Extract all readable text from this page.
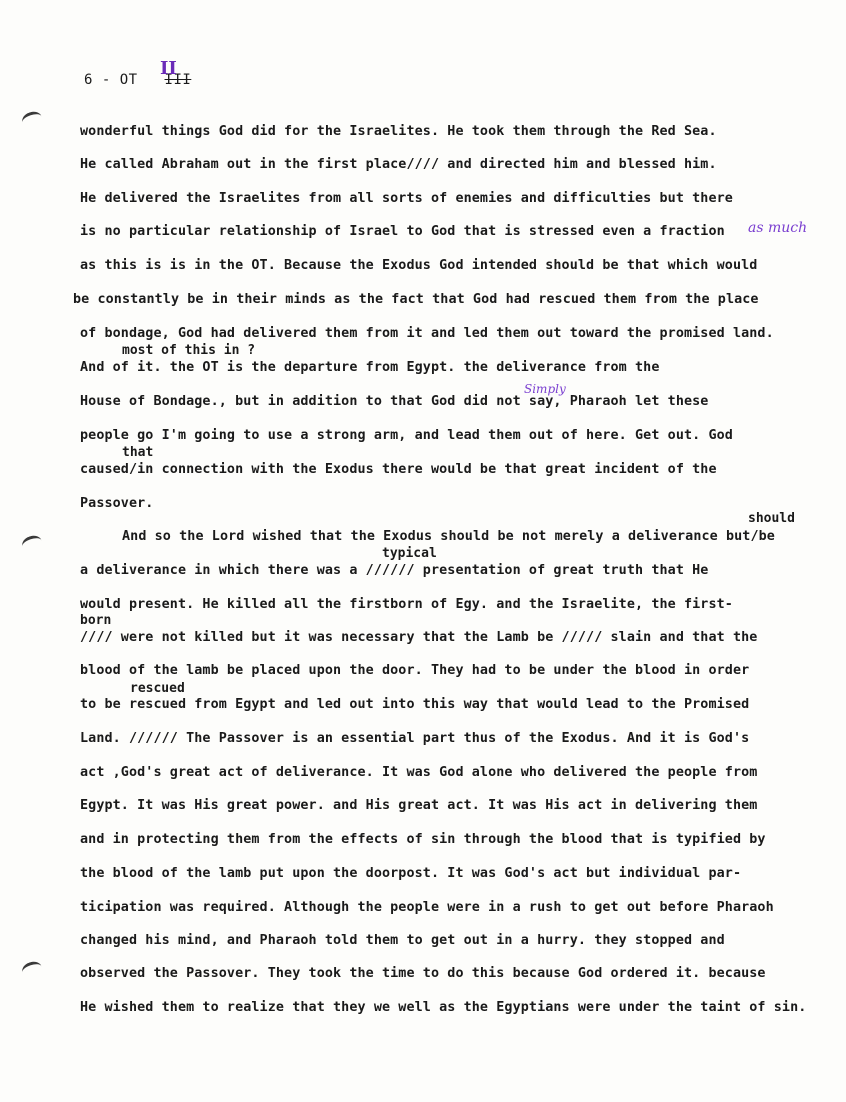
6 - OT III
II
wonderful things God did for the Israelites. He took them through the Red Sea.
He called Abraham out in the first place//// and directed him and blessed him.
He delivered the Israelites from all sorts of enemies and difficulties but there
is no particular relationship of Israel to God that is stressed even a fraction
as this is is in the OT. Because the Exodus God intended should be that which would
be constantly be in their minds as the fact that God had rescued them from the place
of bondage, God had delivered them from it and led them out toward the promised land.
And of it. the OT is the departure from Egypt. the deliverance from the
House of Bondage., but in addition to that God did not say, Pharaoh let these
people go I'm going to use a strong arm, and lead them out of here. Get out. God
caused/in connection with the Exodus there would be that great incident of the
Passover.
And so the Lord wished that the Exodus should be not merely a deliverance but/be
a deliverance in which there was a ////// presentation of great truth that He
would present. He killed all the firstborn of Egy. and the Israelite, the first-
//// were not killed but it was necessary that the Lamb be ///// slain and that the
blood of the lamb be placed upon the door. They had to be under the blood in order
to be rescued from Egypt and led out into this way that would lead to the Promised
Land. ////// The Passover is an essential part thus of the Exodus. And it is God's
act ,God's great act of deliverance. It was God alone who delivered the people from
Egypt. It was His great power. and His great act. It was His act in delivering them
and in protecting them from the effects of sin through the blood that is typified by
the blood of the lamb put upon the doorpost. It was God's act but individual par-
ticipation was required. Although the people were in a rush to get out before Pharaoh
changed his mind, and Pharaoh told them to get out in a hurry. they stopped and
observed the Passover. They took the time to do this because God ordered it. because
He wished them to realize that they we well as the Egyptians were under the taint of sin.
most of this in ?
that
should
typical
born
rescued
as much
Simply
